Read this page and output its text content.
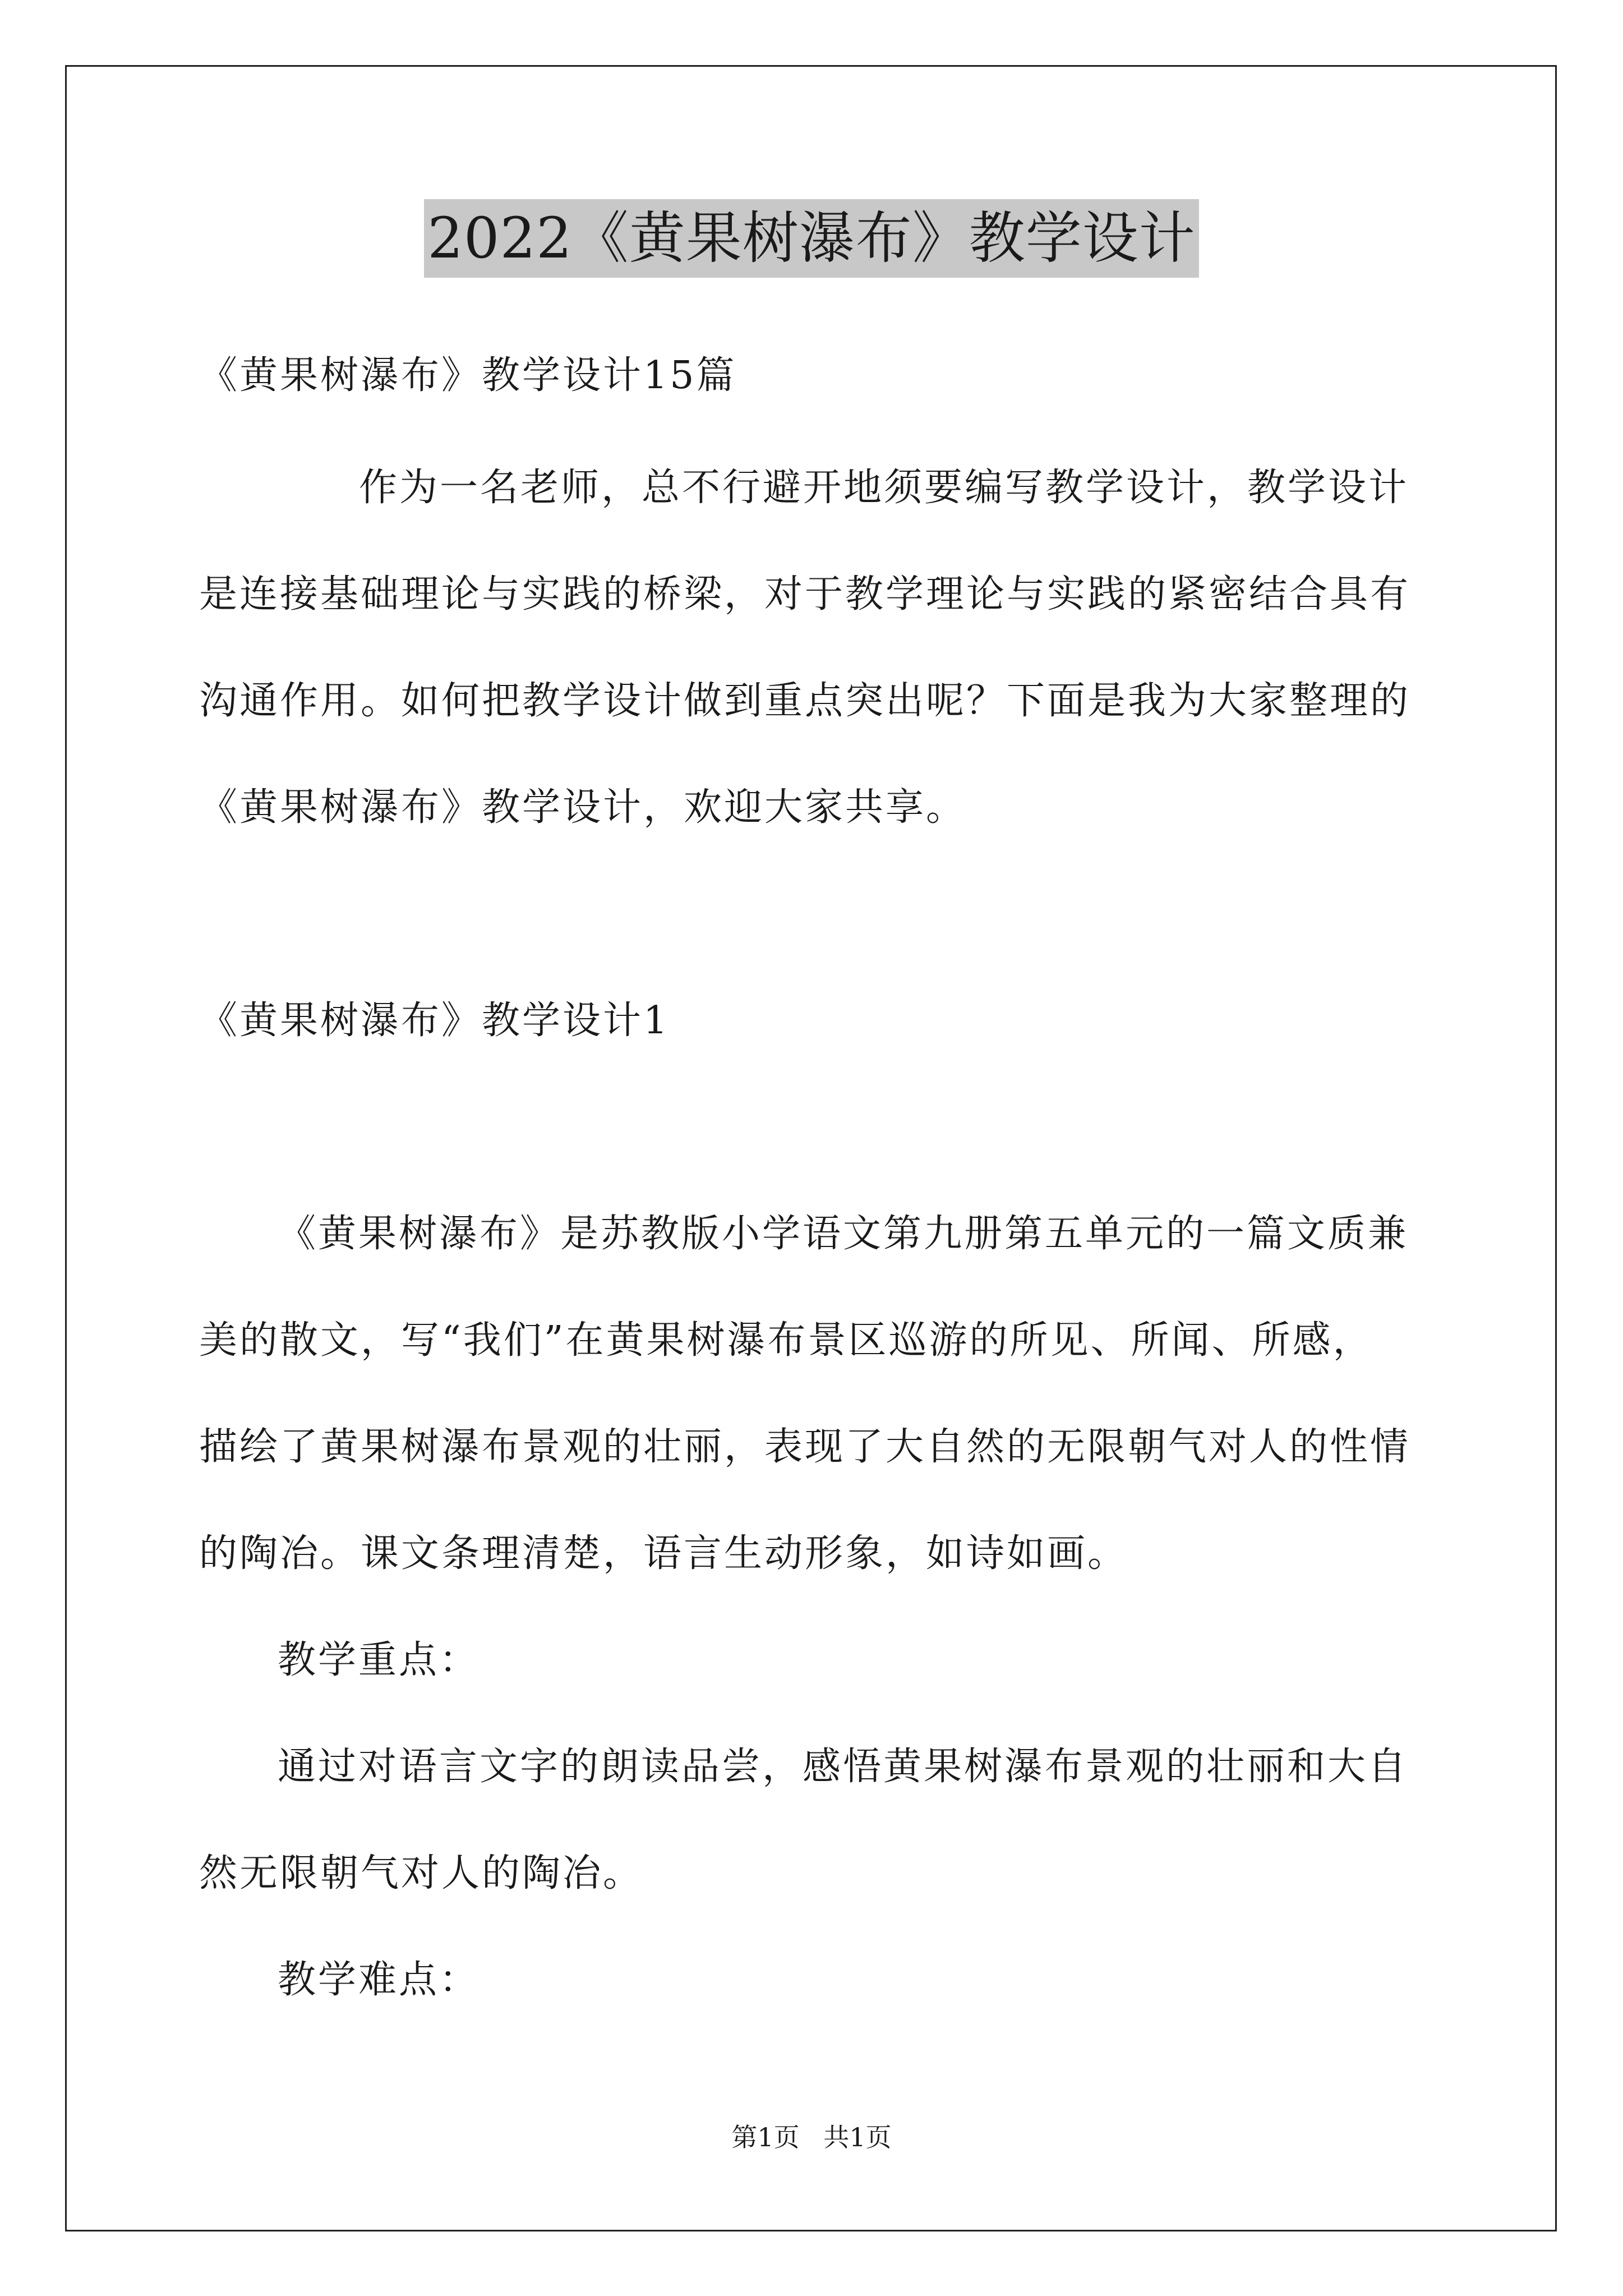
2022《黄果树瀑布》教学设计
《黄果树瀑布》教学设计15篇
作为一名老师，总不行避开地须要编写教学设计，教学设计
是连接基础理论与实践的桥梁，对于教学理论与实践的紧密结合具有
沟通作用。如何把教学设计做到重点突出呢？下面是我为大家整理的
《黄果树瀑布》教学设计，欢迎大家共享。
《黄果树瀑布》教学设计1
《黄果树瀑布》是苏教版小学语文第九册第五单元的一篇文质兼
美的散文，写“我们”在黄果树瀑布景区巡游的所见、所闻、所感，
描绘了黄果树瀑布景观的壮丽，表现了大自然的无限朝气对人的性情
的陶冶。课文条理清楚，语言生动形象，如诗如画。
教学重点：
通过对语言文字的朗读品尝，感悟黄果树瀑布景观的壮丽和大自
然无限朝气对人的陶冶。
教学难点：
第1页 共1页
